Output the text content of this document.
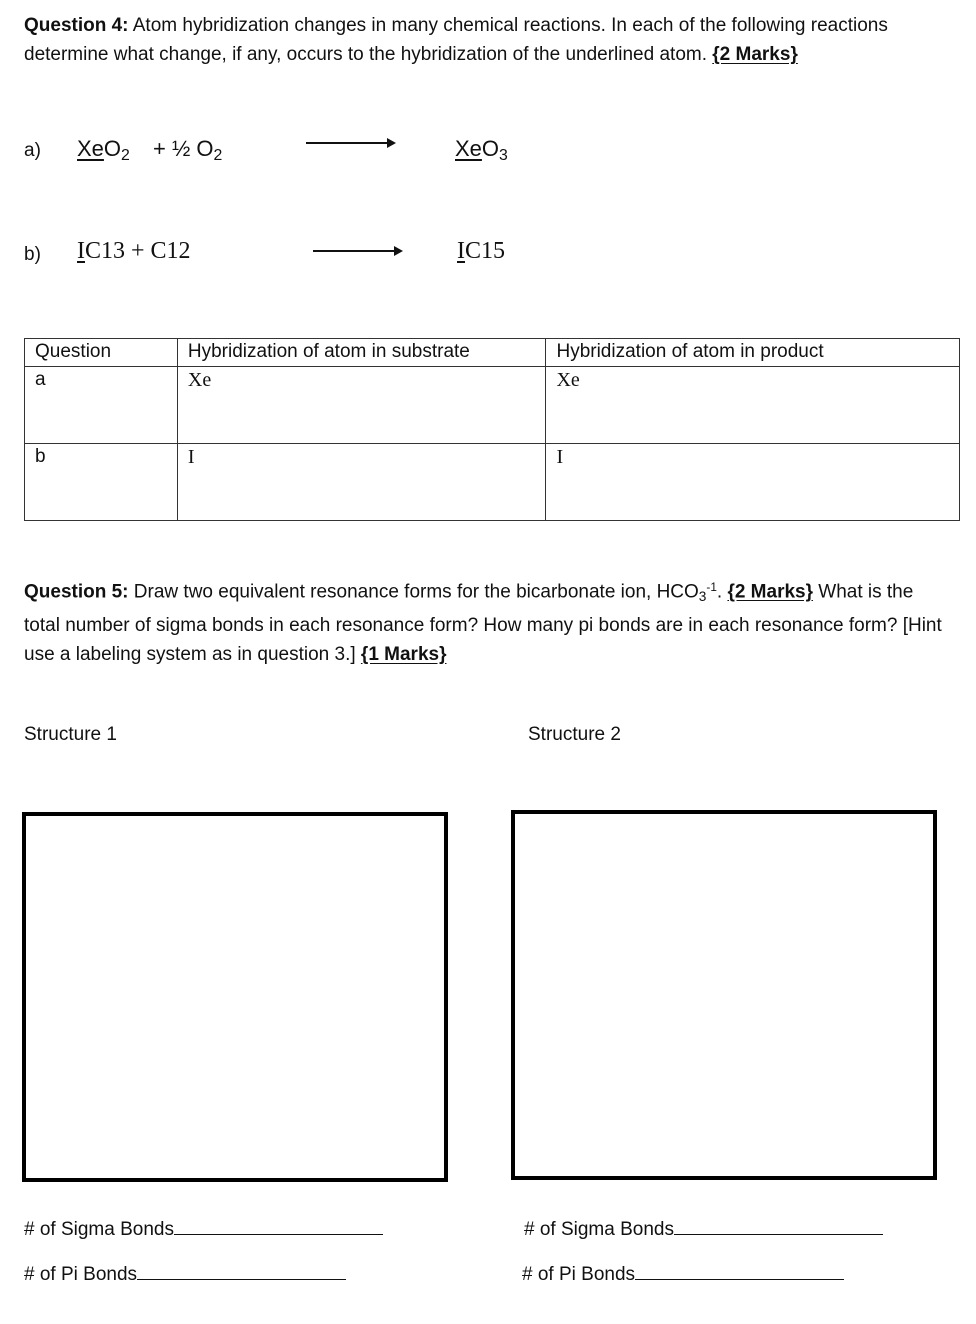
Question 4: Atom hybridization changes in many chemical reactions. In each of the following reactions determine what change, if any, occurs to the hybridization of the underlined atom. {2 Marks}
a) XeO$_2$ + ½ $O_2$	XeO$_3$
b) IC13 + C12	IC15
Question	Hybridization of atom in substrate	Hybridization of atom in product
a	Xe	Xe
b	I	I
Question 5: Draw two equivalent resonance forms for the bicarbonate ion, $HCO_3^{-1}$. {2 Marks} What is the total number of sigma bonds in each resonance form? How many pi bonds are in each resonance form? [Hint use a labeling system as in question 3.] {1 Marks}
Structure 1	Structure 2
# of Sigma Bonds
# of Pi Bonds
# of Sigma Bonds
# of Pi Bonds
